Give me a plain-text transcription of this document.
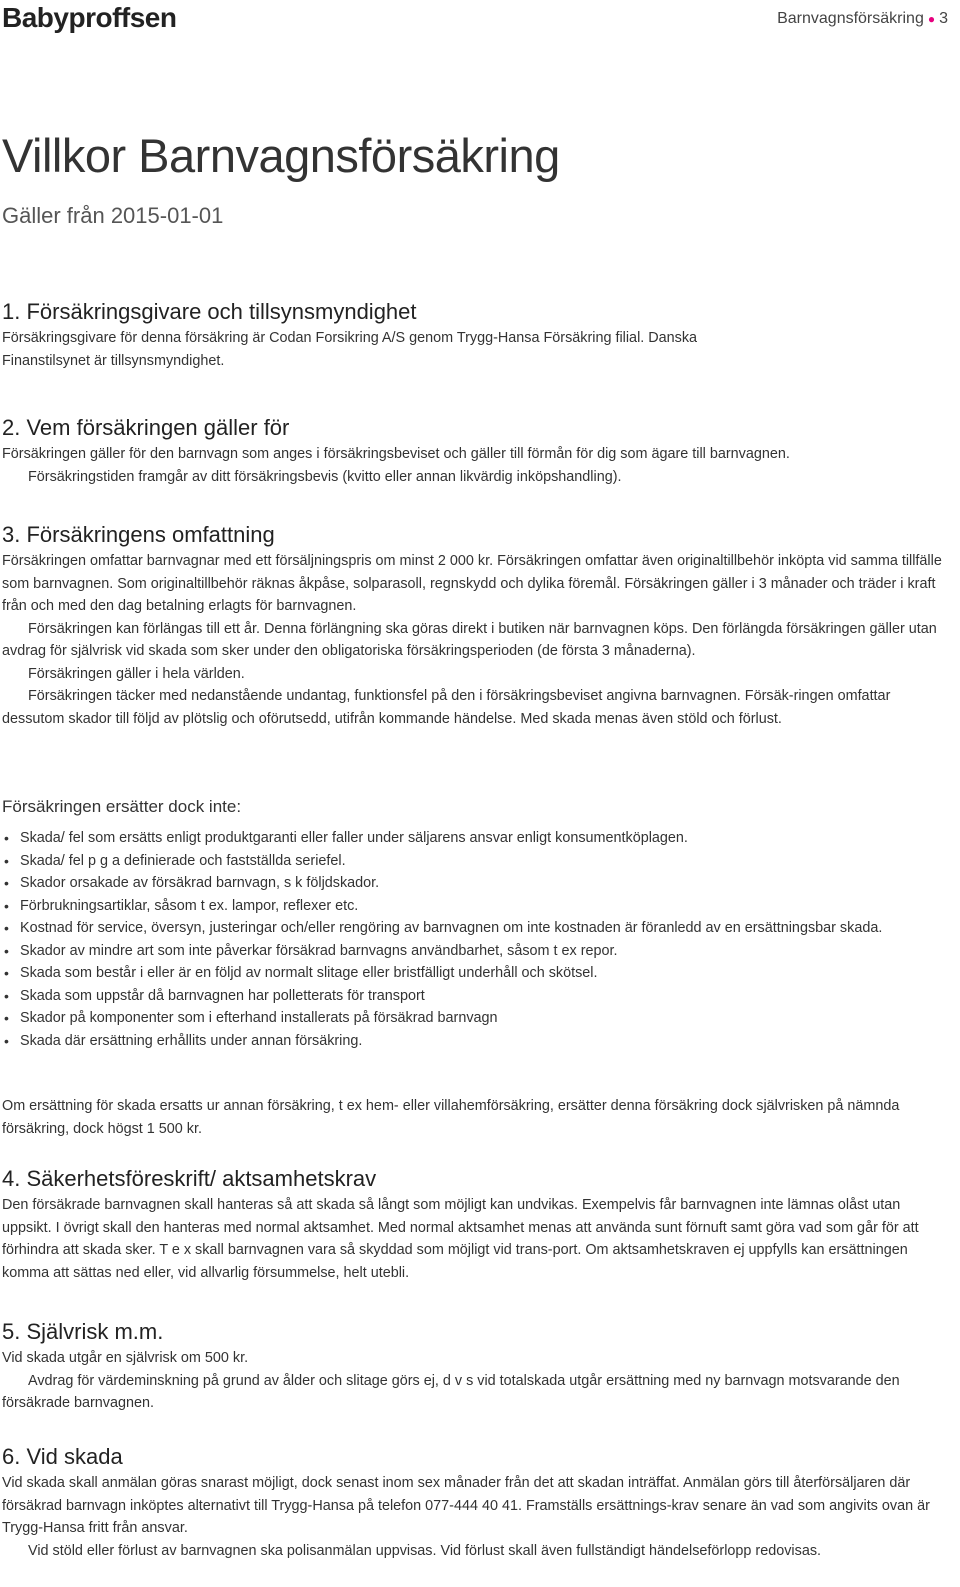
Babyproffsen	Barnvagnsförsäkring ● 3
Villkor Barnvagnsförsäkring
Gäller från 2015-01-01
1. Försäkringsgivare och tillsynsmyndighet

Försäkringsgivare för denna försäkring är Codan Forsikring A/S genom Trygg-Hansa Försäkring filial. Danska Finanstilsynet är tillsynsmyndighet.

2. Vem försäkringen gäller för

Försäkringen gäller för den barnvagn som anges i försäkringsbeviset och gäller till förmån för dig som ägare till barnvagnen.

Försäkringstiden framgår av ditt försäkringsbevis (kvitto eller annan likvärdig inköpshandling).

3. Försäkringens omfattning

Försäkringen omfattar barnvagnar med ett försäljningspris om minst 2 000 kr. Försäkringen omfattar även originaltillbehör inköpta vid samma tillfälle som barnvagnen. Som originaltillbehör räknas åkpåse, solparasoll, regnskydd och dylika föremål. Försäkringen gäller i 3 månader och träder i kraft från och med den dag betalning erlagts för barnvagnen.

Försäkringen kan förlängas till ett år. Denna förlängning ska göras direkt i butiken när barnvagnen köps. Den förlängda försäkringen gäller utan avdrag för självrisk vid skada som sker under den obligatoriska försäkringsperioden (de första 3 månaderna).

Försäkringen gäller i hela världen.

Försäkringen täcker med nedanstående undantag, funktionsfel på den i försäkringsbeviset angivna barnvagnen. Försäk-ringen omfattar dessutom skador till följd av plötslig och oförutsedd, utifrån kommande händelse. Med skada menas även stöld och förlust.

Försäkringen ersätter dock inte:
• Skada/ fel som ersätts enligt produktgaranti eller faller under säljarens ansvar enligt konsumentköplagen.
• Skada/ fel p g a definierade och fastställda seriefel.
• Skador orsakade av försäkrad barnvagn, s k följdskador.
• Förbrukningsartiklar, såsom t ex. lampor, reflexer etc.
• Kostnad för service, översyn, justeringar och/eller rengöring av barnvagnen om inte kostnaden är föranledd av en ersättningsbar skada.
• Skador av mindre art som inte påverkar försäkrad barnvagns användbarhet, såsom t ex repor.
• Skada som består i eller är en följd av normalt slitage eller bristfälligt underhåll och skötsel.
• Skada som uppstår då barnvagnen har polletterats för transport
• Skador på komponenter som i efterhand installerats på försäkrad barnvagn
• Skada där ersättning erhållits under annan försäkring.

Om ersättning för skada ersatts ur annan försäkring, t ex hem- eller villahemförsäkring, ersätter denna försäkring dock självrisken på nämnda försäkring, dock högst 1 500 kr.

4. Säkerhetsföreskrift/ aktsamhetskrav

Den försäkrade barnvagnen skall hanteras så att skada så långt som möjligt kan undvikas. Exempelvis får barnvagnen inte lämnas olåst utan uppsikt. I övrigt skall den hanteras med normal aktsamhet. Med normal aktsamhet menas att använda sunt förnuft samt göra vad som går för att förhindra att skada sker. T e x skall barnvagnen vara så skyddad som möjligt vid trans-port. Om aktsamhetskraven ej uppfylls kan ersättningen komma att sättas ned eller, vid allvarlig försummelse, helt utebli.

5. Självrisk m.m.

Vid skada utgår en självrisk om 500 kr.

Avdrag för värdeminskning på grund av ålder och slitage görs ej, d v s vid totalskada utgår ersättning med ny barnvagn motsvarande den försäkrade barnvagnen.

6. Vid skada

Vid skada skall anmälan göras snarast möjligt, dock senast inom sex månader från det att skadan inträffat. Anmälan görs till återförsäljaren där försäkrad barnvagn inköptes alternativt till Trygg-Hansa på telefon 077-444 40 41. Framställs ersättnings-krav senare än vad som angivits ovan är Trygg-Hansa fritt från ansvar.

Vid stöld eller förlust av barnvagnen ska polisanmälan uppvisas. Vid förlust skall även fullständigt händelseförlopp redovisas.
